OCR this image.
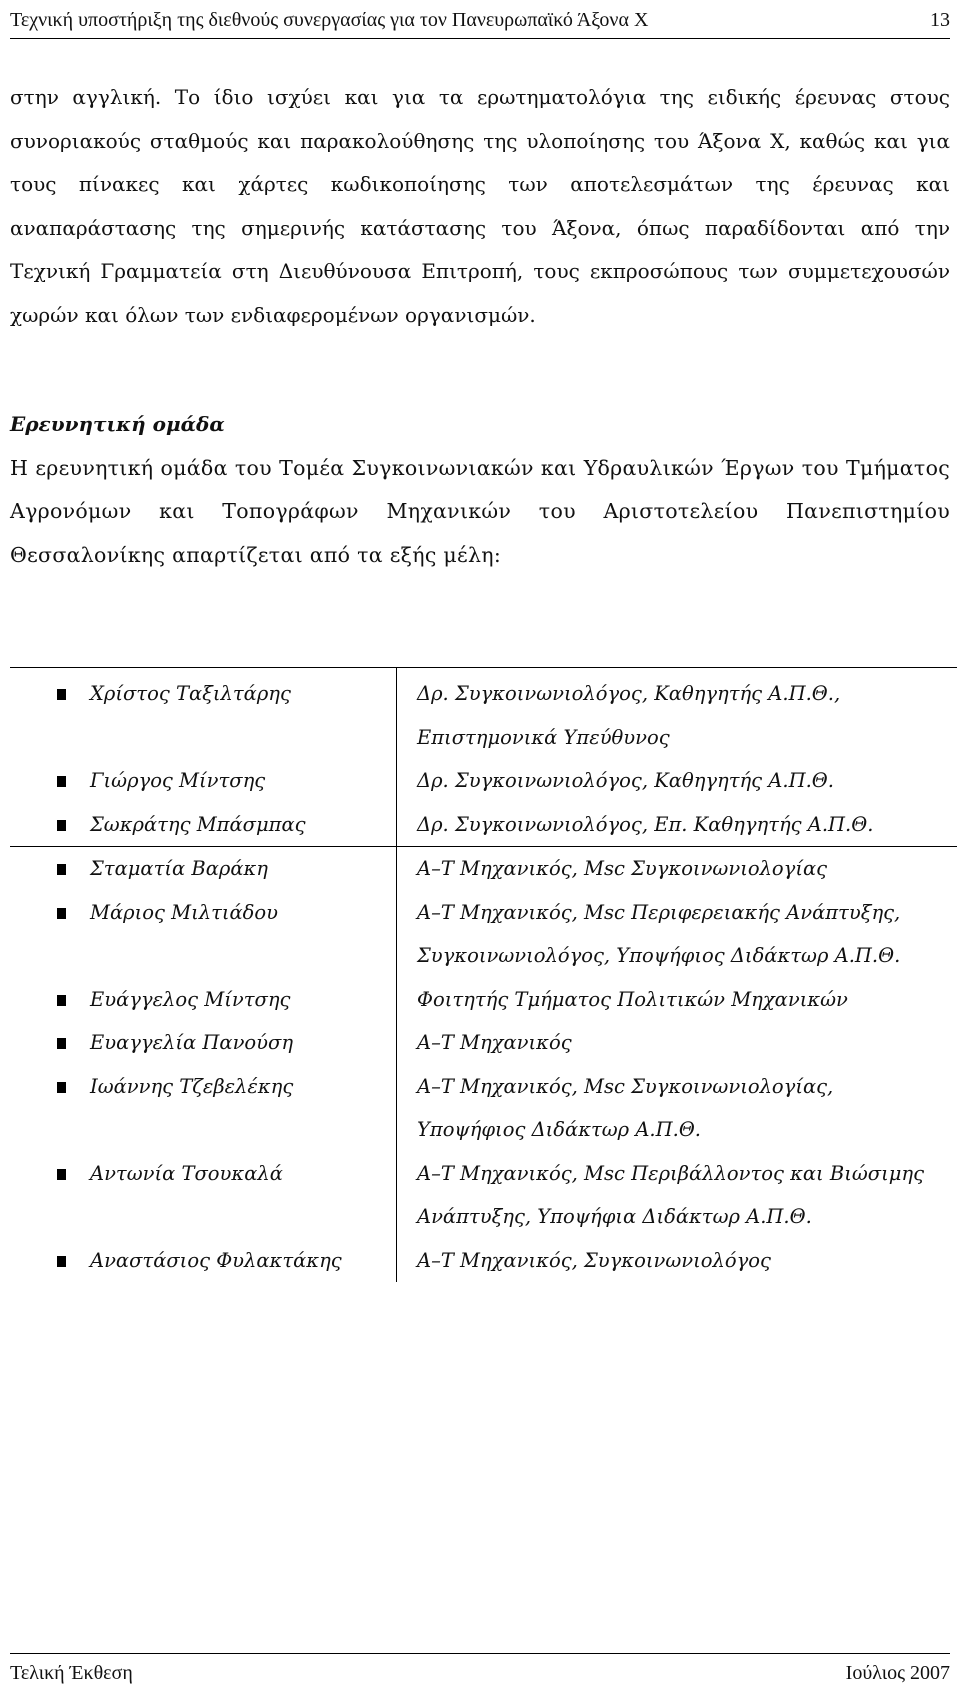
Τεχνική υποστήριξη της διεθνούς συνεργασίας για τον Πανευρωπαϊκό Άξονα Χ	13

στην αγγλική. Το ίδιο ισχύει και για τα ερωτηματολόγια της ειδικής έρευνας στους συνοριακούς σταθμούς και παρακολούθησης της υλοποίησης του Άξονα Χ, καθώς και για τους πίνακες και χάρτες κωδικοποίησης των αποτελεσμάτων της έρευνας και αναπαράστασης της σημερινής κατάστασης του Άξονα, όπως παραδίδονται από την Τεχνική Γραμματεία στη Διευθύνουσα Επιτροπή, τους εκπροσώπους των συμμετεχουσών χωρών και όλων των ενδιαφερομένων οργανισμών.

Ερευνητική ομάδα

Η ερευνητική ομάδα του Τομέα Συγκοινωνιακών και Υδραυλικών Έργων του Τμήματος Αγρονόμων και Τοπογράφων Μηχανικών του Αριστοτελείου Πανεπιστημίου Θεσσαλονίκης απαρτίζεται από τα εξής μέλη:

	Χρίστος Ταξιλτάρης	Δρ. Συγκοινωνιολόγος, Καθηγητής Α.Π.Θ.,
Επιστημονικά Υπεύθυνος

	Γιώργος Μίντσης	Δρ. Συγκοινωνιολόγος, Καθηγητής Α.Π.Θ.

	Σωκράτης Μπάσμπας	Δρ. Συγκοινωνιολόγος, Επ. Καθηγητής Α.Π.Θ.

	Σταματία Βαράκη	Α–Τ Μηχανικός, Msc Συγκοινωνιολογίας

	Μάριος Μιλτιάδου	Α–Τ Μηχανικός, Msc Περιφερειακής Ανάπτυξης,
Συγκοινωνιολόγος, Υποψήφιος Διδάκτωρ Α.Π.Θ.

	Ευάγγελος Μίντσης	Φοιτητής Τμήματος Πολιτικών Μηχανικών

	Ευαγγελία Πανούση	Α–Τ Μηχανικός

	Ιωάννης Τζεβελέκης	Α–Τ Μηχανικός, Msc Συγκοινωνιολογίας,
Υποψήφιος Διδάκτωρ Α.Π.Θ.

	Αντωνία Τσουκαλά	Α–Τ Μηχανικός, Msc Περιβάλλοντος και Βιώσιμης
Ανάπτυξης, Υποψήφια Διδάκτωρ Α.Π.Θ.

	Αναστάσιος Φυλακτάκης	Α–Τ Μηχανικός, Συγκοινωνιολόγος
Τελική Έκθεση	Ιούλιος 2007
